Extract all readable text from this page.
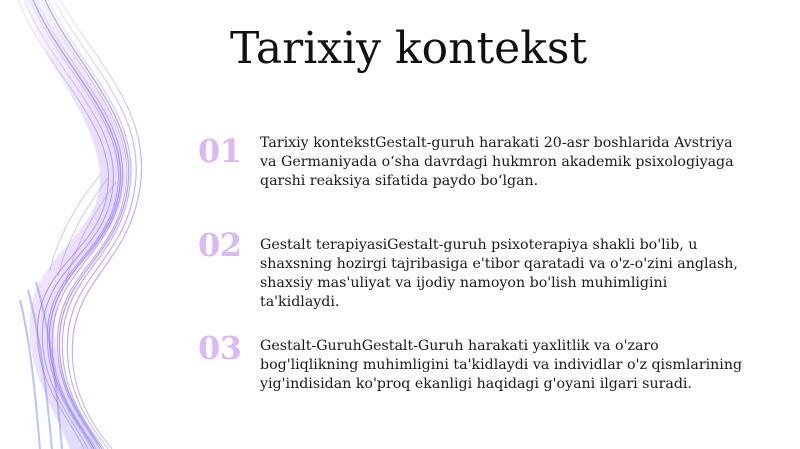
Tarixiy kontekst
01	Tarixiy kontekstGestalt-guruh harakati 20-asr boshlarida Avstriya va Germaniyada oʻsha davrdagi hukmron akademik psixologiyaga qarshi reaksiya sifatida paydo boʻlgan.
02	Gestalt terapiyasiGestalt-guruh psixoterapiya shakli bo'lib, u shaxsning hozirgi tajribasiga e'tibor qaratadi va o'z-o'zini anglash, shaxsiy mas'uliyat va ijodiy namoyon bo'lish muhimligini ta'kidlaydi.
03	Gestalt-GuruhGestalt-Guruh harakati yaxlitlik va o'zaro bog'liqlikning muhimligini ta'kidlaydi va individlar o'z qismlarining yig'indisidan ko'proq ekanligi haqidagi g'oyani ilgari suradi.
